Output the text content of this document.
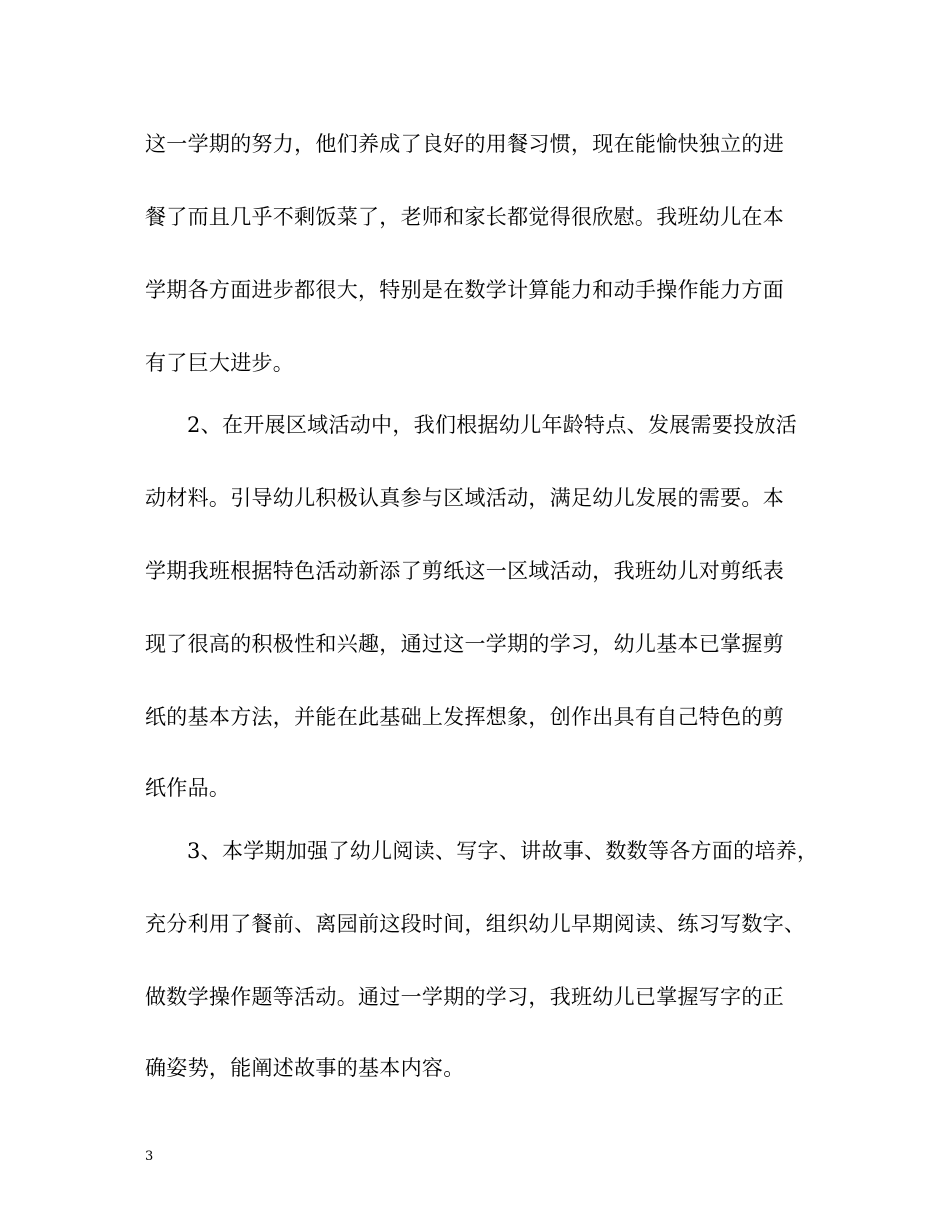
这一学期的努力，他们养成了良好的用餐习惯，现在能愉快独立的进
餐了而且几乎不剩饭菜了，老师和家长都觉得很欣慰。我班幼儿在本
学期各方面进步都很大，特别是在数学计算能力和动手操作能力方面
有了巨大进步。
2、在开展区域活动中，我们根据幼儿年龄特点、发展需要投放活
动材料。引导幼儿积极认真参与区域活动，满足幼儿发展的需要。本
学期我班根据特色活动新添了剪纸这一区域活动，我班幼儿对剪纸表
现了很高的积极性和兴趣，通过这一学期的学习，幼儿基本已掌握剪
纸的基本方法，并能在此基础上发挥想象，创作出具有自己特色的剪
纸作品。
3、本学期加强了幼儿阅读、写字、讲故事、数数等各方面的培养，
充分利用了餐前、离园前这段时间，组织幼儿早期阅读、练习写数字、
做数学操作题等活动。通过一学期的学习，我班幼儿已掌握写字的正
确姿势，能阐述故事的基本内容。
3
